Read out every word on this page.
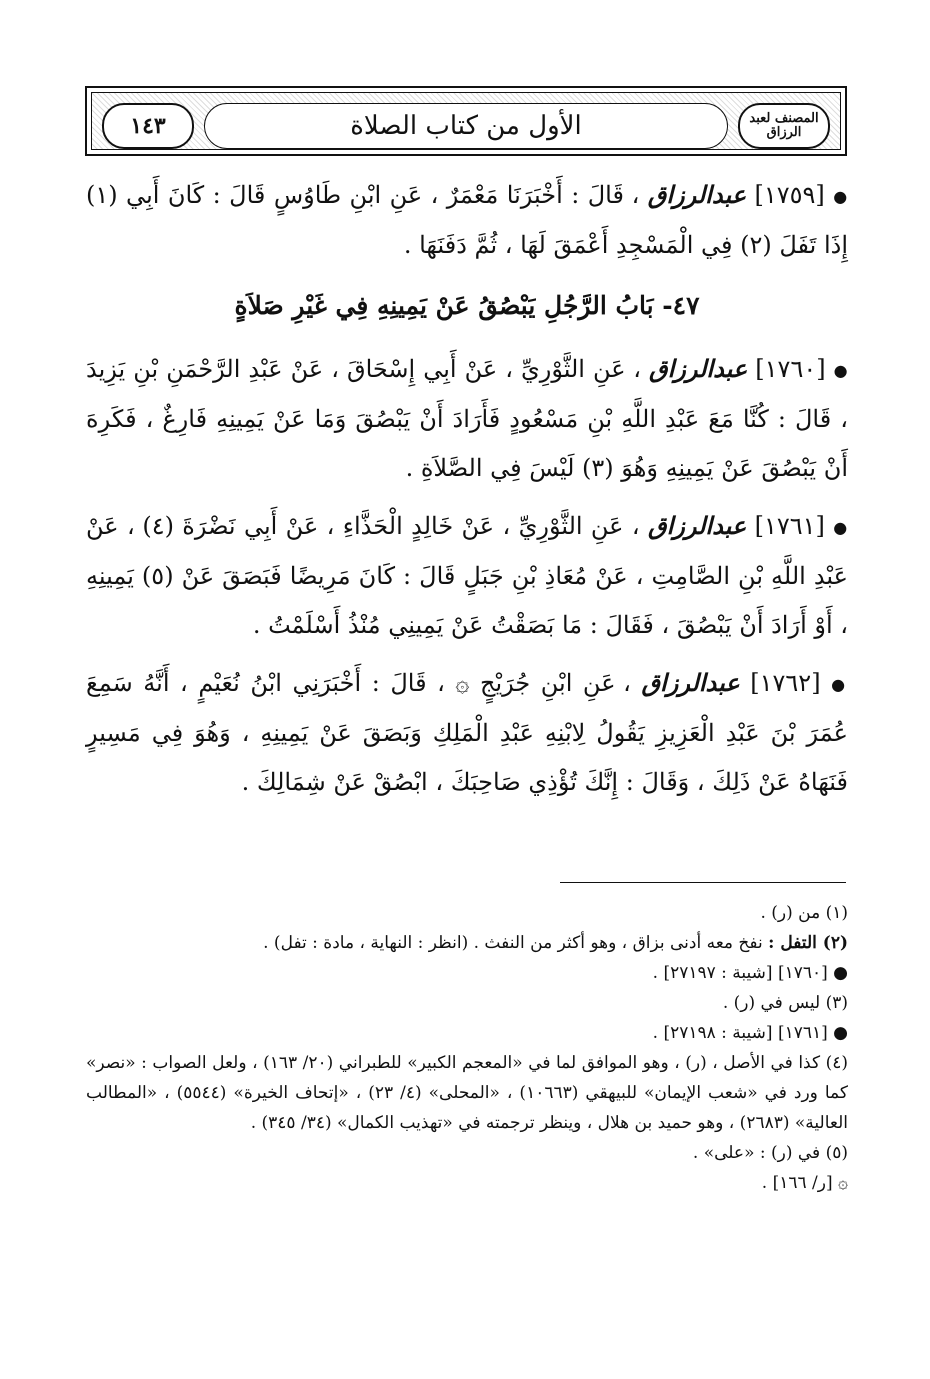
١٤٣	الأول من كتاب الصلاة	المصنف لعبد الرزاق

● [١٧٥٩] عبدالرزاق ، قَالَ : أَخْبَرَنَا مَعْمَرٌ ، عَنِ ابْنِ طَاوُسٍ قَالَ : كَانَ أَبِي (١) إِذَا تَفَلَ (٢) فِي الْمَسْجِدِ أَعْمَقَ لَهَا ، ثُمَّ دَفَنَهَا .

٤٧- بَابُ الرَّجُلِ يَبْصُقُ عَنْ يَمِينِهِ فِي غَيْرِ صَلاَةٍ

● [١٧٦٠] عبدالرزاق ، عَنِ الثَّوْرِيِّ ، عَنْ أَبِي إِسْحَاقَ ، عَنْ عَبْدِ الرَّحْمَنِ بْنِ يَزِيدَ ، قَالَ : كُنَّا مَعَ عَبْدِ اللَّهِ بْنِ مَسْعُودٍ فَأَرَادَ أَنْ يَبْصُقَ وَمَا عَنْ يَمِينِهِ فَارِغٌ ، فَكَرِهَ أَنْ يَبْصُقَ عَنْ يَمِينِهِ وَهُوَ (٣) لَيْسَ فِي الصَّلاَةِ .

● [١٧٦١] عبدالرزاق ، عَنِ الثَّوْرِيِّ ، عَنْ خَالِدٍ الْحَذَّاءِ ، عَنْ أَبِي نَضْرَةَ (٤) ، عَنْ عَبْدِ اللَّهِ بْنِ الصَّامِتِ ، عَنْ مُعَاذِ بْنِ جَبَلٍ قَالَ : كَانَ مَرِيضًا فَبَصَقَ عَنْ (٥) يَمِينِهِ ، أَوْ أَرَادَ أَنْ يَبْصُقَ ، فَقَالَ : مَا بَصَقْتُ عَنْ يَمِينِي مُنْذُ أَسْلَمْتُ .

● [١٧٦٢] عبدالرزاق ، عَنِ ابْنِ جُرَيْجٍ ۞ ، قَالَ : أَخْبَرَنِي ابْنُ نُعَيْمٍ ، أَنَّهُ سَمِعَ عُمَرَ بْنَ عَبْدِ الْعَزِيزِ يَقُولُ لِابْنِهِ عَبْدِ الْمَلِكِ وَبَصَقَ عَنْ يَمِينِهِ ، وَهُوَ فِي مَسِيرٍ فَنَهَاهُ عَنْ ذَلِكَ ، وَقَالَ : إِنَّكَ تُؤْذِي صَاحِبَكَ ، ابْصُقْ عَنْ شِمَالِكَ .

(١) من (ر) .
(٢) التفل : نفخ معه أدنى بزاق ، وهو أكثر من النفث . (انظر : النهاية ، مادة : تفل) .
● [١٧٦٠] [شيبة : ٢٧١٩٧] .
(٣) ليس في (ر) .
● [١٧٦١] [شيبة : ٢٧١٩٨] .
(٤) كذا في الأصل ، (ر) ، وهو الموافق لما في «المعجم الكبير» للطبراني (٢٠/ ١٦٣) ، ولعل الصواب : «نصر» كما ورد في «شعب الإيمان» للبيهقي (١٠٦٦٣) ، «المحلى» (٤/ ٢٣) ، «إتحاف الخيرة» (٥٥٤٤) ، «المطالب العالية» (٢٦٨٣) ، وهو حميد بن هلال ، وينظر ترجمته في «تهذيب الكمال» (٣٤/ ٣٤٥) .
(٥) في (ر) : «على» .
۞ [ر/ ١٦٦] .
